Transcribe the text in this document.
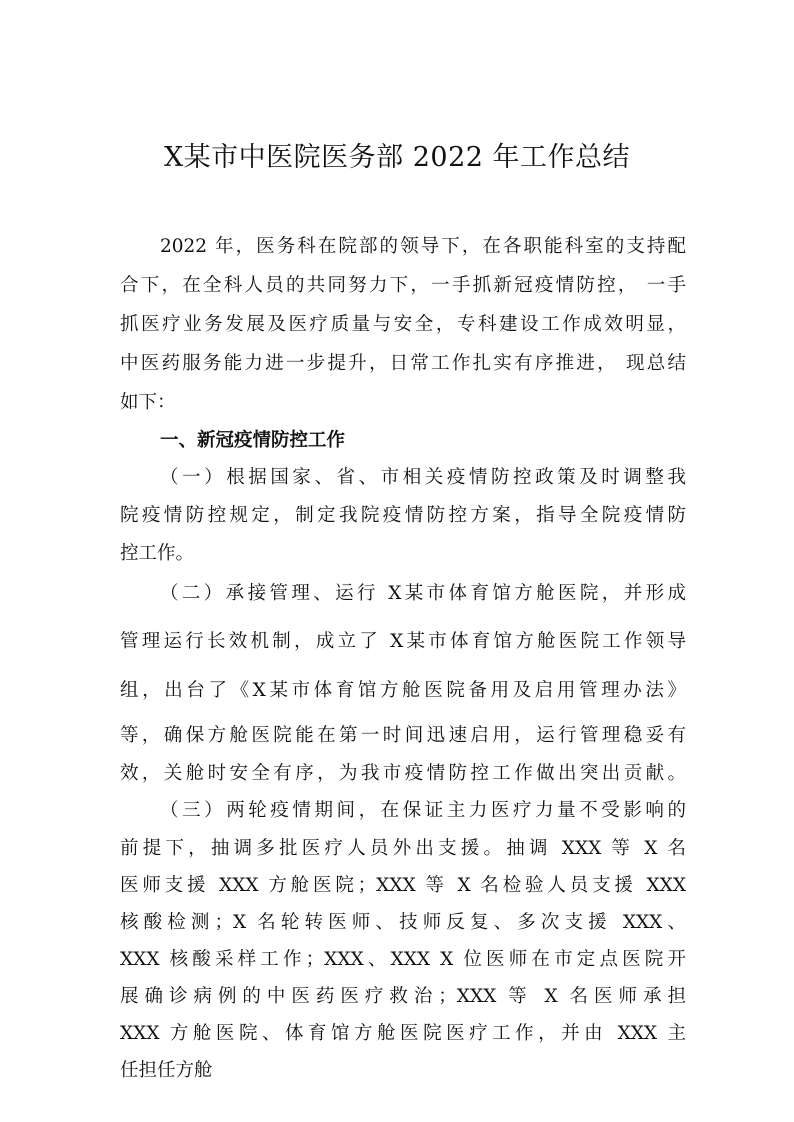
X某市中医院医务部 2022 年工作总结
2022 年，医务科在院部的领导下，在各职能科室的支持配
合下，在全科人员的共同努力下，一手抓新冠疫情防控， 一手
抓医疗业务发展及医疗质量与安全，专科建设工作成效明显，
中医药服务能力进一步提升，日常工作扎实有序推进， 现总结
如下：
一、新冠疫情防控工作
（一）根据国家、省、市相关疫情防控政策及时调整我
院疫情防控规定，制定我院疫情防控方案，指导全院疫情防
控工作。
（二）承接管理、运行 X某市体育馆方舱医院，并形成
管理运行长效机制，成立了 X某市体育馆方舱医院工作领导
组，出台了《X某市体育馆方舱医院备用及启用管理办法》
等，确保方舱医院能在第一时间迅速启用，运行管理稳妥有
效，关舱时安全有序，为我市疫情防控工作做出突出贡献。
（三）两轮疫情期间，在保证主力医疗力量不受影响的
前提下，抽调多批医疗人员外出支援。抽调 XXX 等 X 名
医师支援 XXX 方舱医院；XXX 等 X 名检验人员支援 XXX
核酸检测；X 名轮转医师、技师反复、多次支援 XXX、
XXX 核酸采样工作；XXX、XXX X 位医师在市定点医院开
展确诊病例的中医药医疗救治；XXX 等 X 名医师承担
XXX 方舱医院、体育馆方舱医院医疗工作，并由 XXX 主
任担任方舱
